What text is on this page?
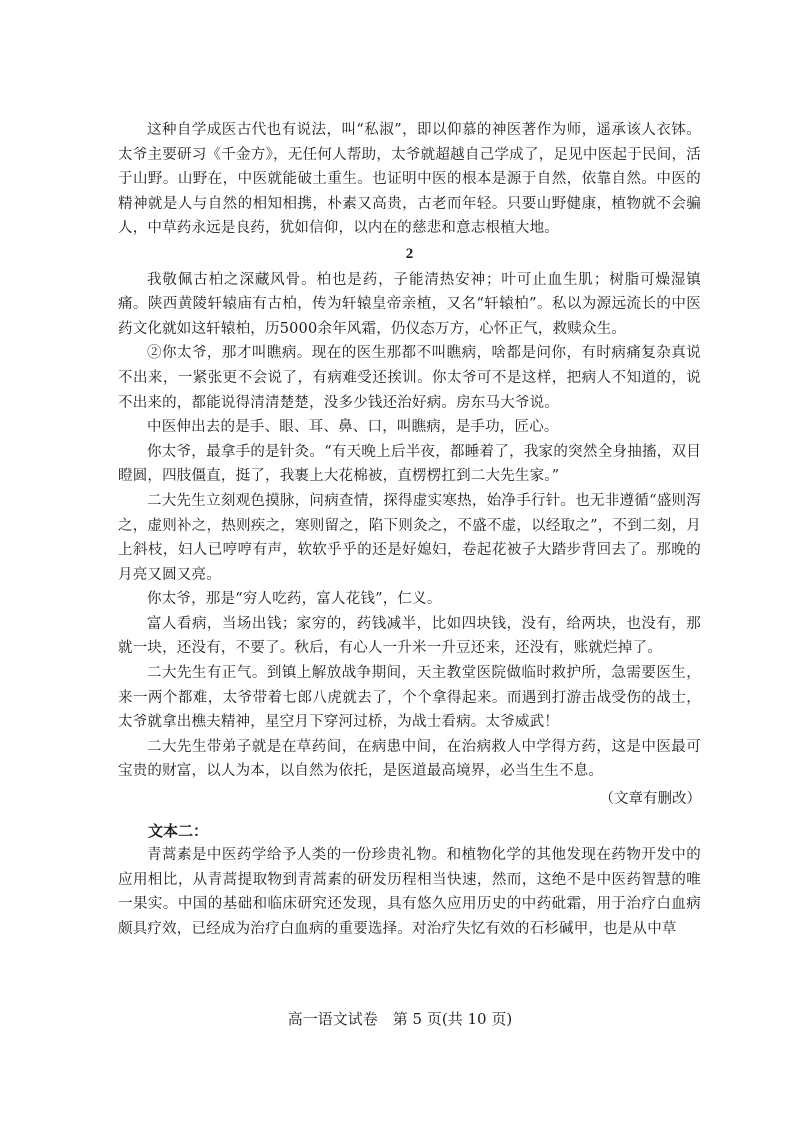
这种自学成医古代也有说法，叫“私淑”，即以仰慕的神医著作为师，遥承该人衣钵。太爷主要研习《千金方》，无任何人帮助，太爷就超越自己学成了，足见中医起于民间，活于山野。山野在，中医就能破土重生。也证明中医的根本是源于自然，依靠自然。中医的精神就是人与自然的相知相携，朴素又高贵，古老而年轻。只要山野健康，植物就不会骗人，中草药永远是良药，犹如信仰，以内在的慈悲和意志根植大地。

2

我敬佩古柏之深藏风骨。柏也是药，子能清热安神；叶可止血生肌；树脂可燥湿镇痛。陕西黄陵轩辕庙有古柏，传为轩辕皇帝亲植，又名“轩辕柏”。私以为源远流长的中医药文化就如这轩辕柏，历5000余年风霜，仍仪态万方，心怀正气，救赎众生。

②你太爷，那才叫瞧病。现在的医生那都不叫瞧病，啥都是问你，有时病痛复杂真说不出来，一紧张更不会说了，有病难受还挨训。你太爷可不是这样，把病人不知道的，说不出来的，都能说得清清楚楚，没多少钱还治好病。房东马大爷说。

中医伸出去的是手、眼、耳、鼻、口，叫瞧病，是手功，匠心。

你太爷，最拿手的是针灸。“有天晚上后半夜，都睡着了，我家的突然全身抽搐，双目瞪圆，四肢僵直，挺了，我裹上大花棉被，直楞楞扛到二大先生家。”

二大先生立刻观色摸脉，问病查情，探得虚实寒热，始净手行针。也无非遵循“盛则泻之，虚则补之，热则疾之，寒则留之，陷下则灸之，不盛不虚，以经取之”，不到二刻，月上斜枝，妇人已哼哼有声，软软乎乎的还是好媳妇，卷起花被子大踏步背回去了。那晚的月亮又圆又亮。

你太爷，那是“穷人吃药，富人花钱”，仁义。

富人看病，当场出钱；家穷的，药钱减半，比如四块钱，没有，给两块，也没有，那就一块，还没有，不要了。秋后，有心人一升米一升豆还来，还没有，账就烂掉了。

二大先生有正气。到镇上解放战争期间，天主教堂医院做临时救护所，急需要医生，来一两个都难，太爷带着七郎八虎就去了，个个拿得起来。而遇到打游击战受伤的战士，太爷就拿出樵夫精神，星空月下穿河过桥，为战士看病。太爷威武！

二大先生带弟子就是在草药间，在病患中间，在治病救人中学得方药，这是中医最可宝贵的财富，以人为本，以自然为依托，是医道最高境界，必当生生不息。

（文章有删改）
文本二：

青蒿素是中医药学给予人类的一份珍贵礼物。和植物化学的其他发现在药物开发中的应用相比，从青蒿提取物到青蒿素的研发历程相当快速，然而，这绝不是中医药智慧的唯一果实。中国的基础和临床研究还发现，具有悠久应用历史的中药砒霜，用于治疗白血病颇具疗效，已经成为治疗白血病的重要选择。对治疗失忆有效的石杉碱甲，也是从中草

高一语文试卷　第 5 页(共 10 页)
